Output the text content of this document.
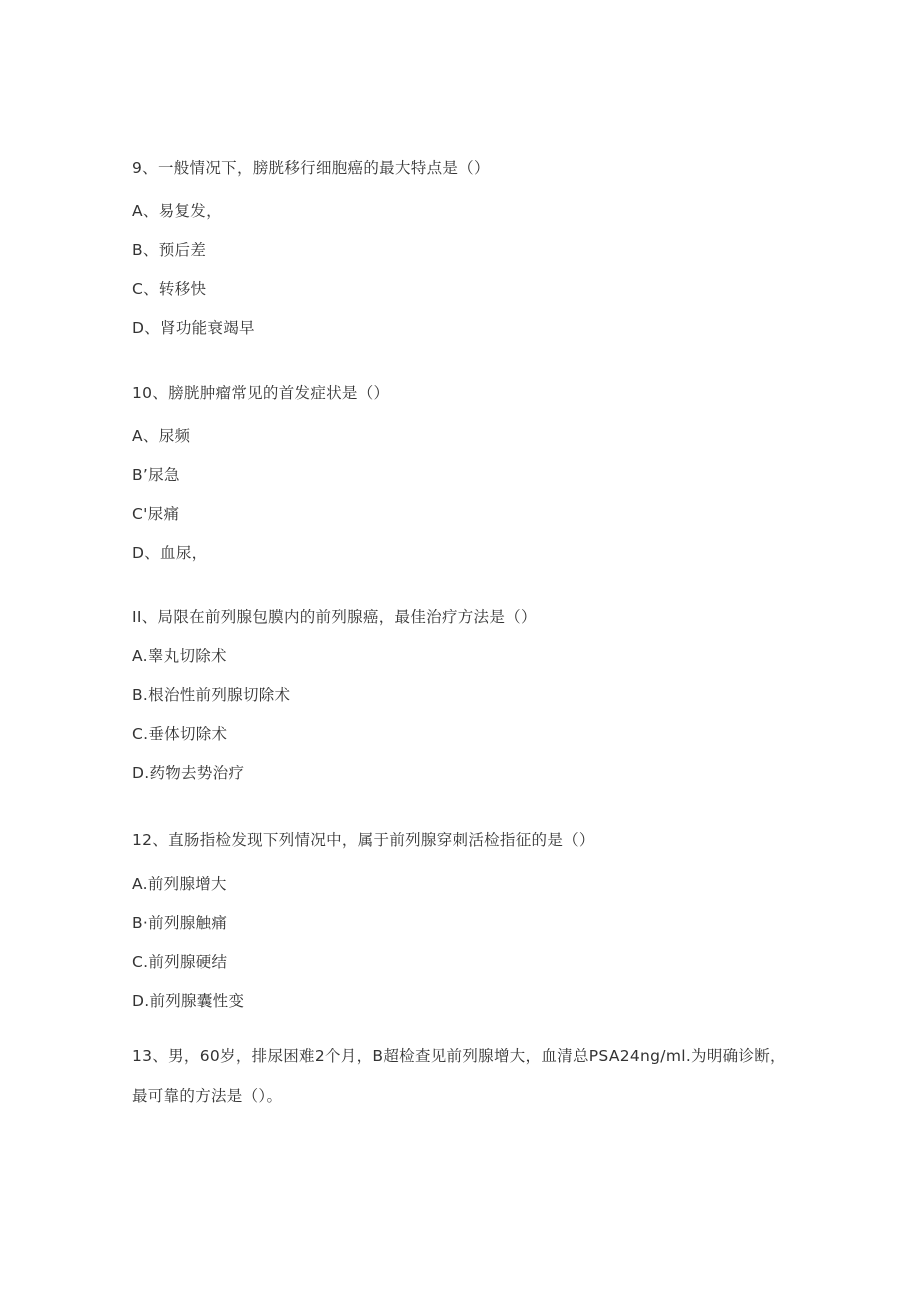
9、一般情况下，膀胱移行细胞癌的最大特点是（）
A、易复发，
B、预后差
C、转移快
D、肾功能衰竭早
10、膀胱肿瘤常见的首发症状是（）
A、尿频
B’尿急
C'尿痛
D、血尿，
II、局限在前列腺包膜内的前列腺癌，最佳治疗方法是（）
A.睾丸切除术
B.根治性前列腺切除术
C.垂体切除术
D.药物去势治疗
12、直肠指检发现下列情况中，属于前列腺穿刺活检指征的是（）
A.前列腺增大
B·前列腺触痛
C.前列腺硬结
D.前列腺囊性变
13、男，60岁，排尿困难2个月，B超检查见前列腺增大，血清总PSA24ng/ml.为明确诊断，最可靠的方法是（）。
